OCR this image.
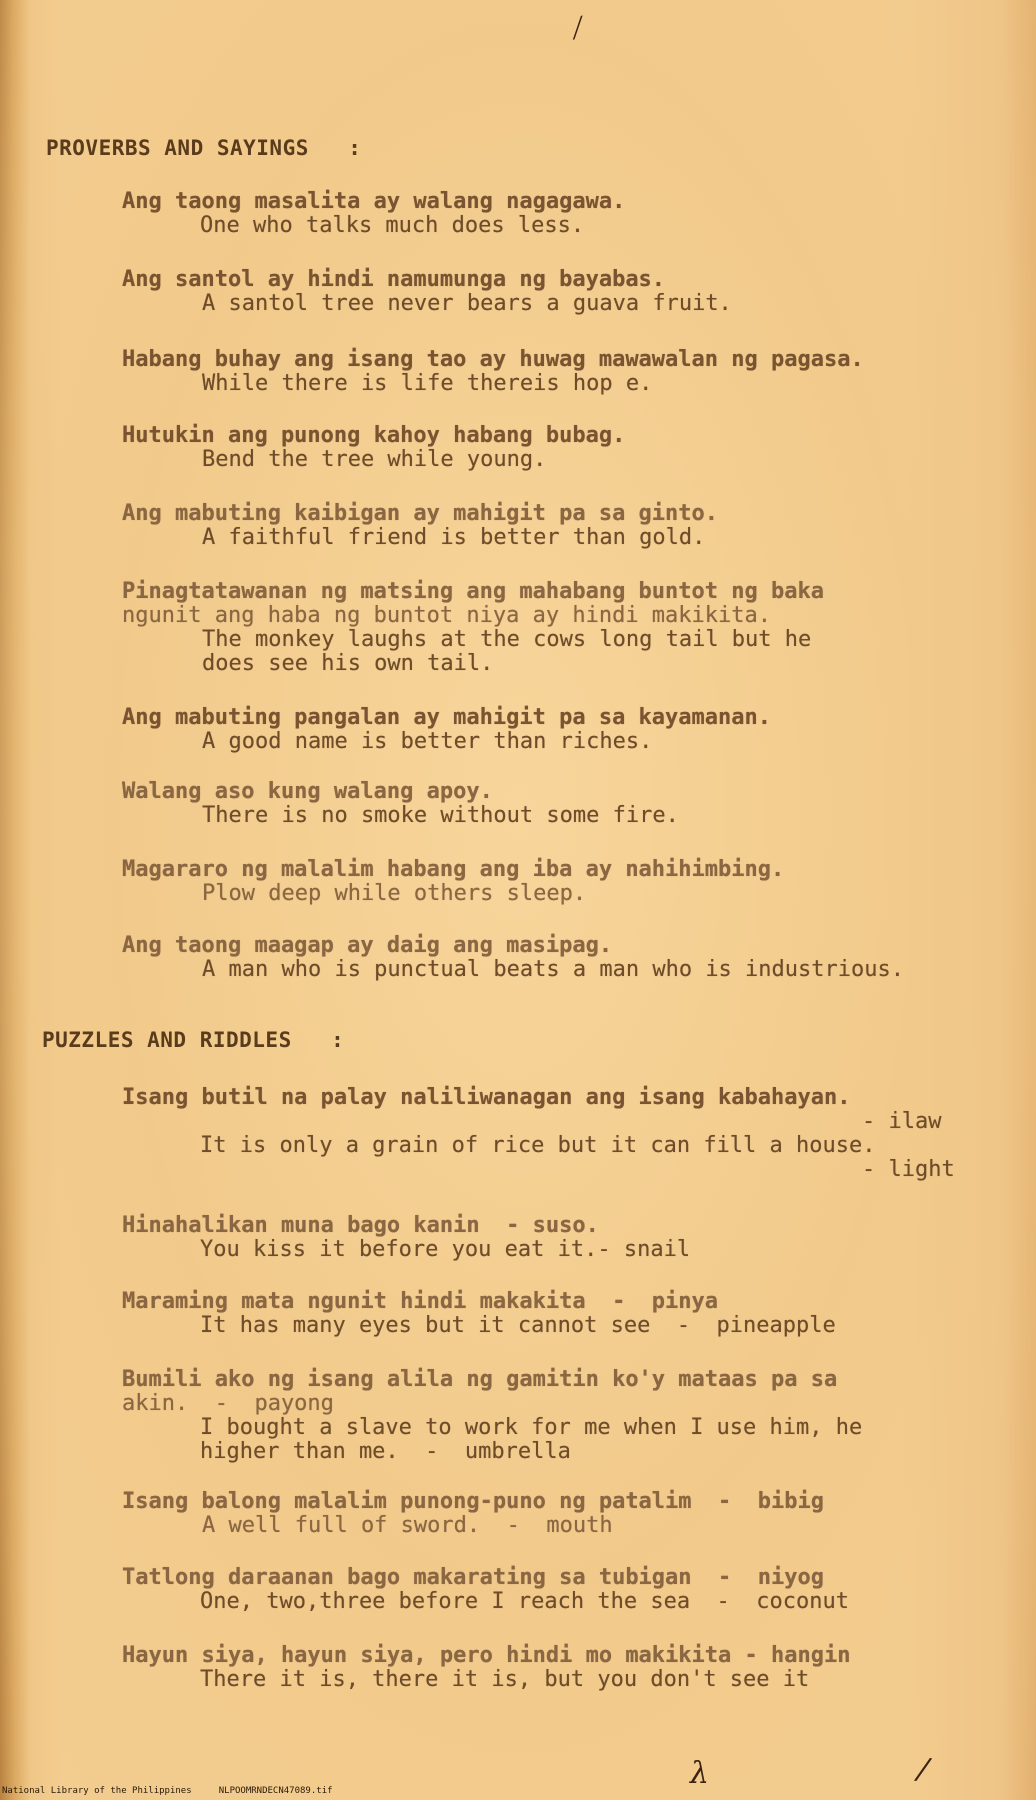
⁄
PROVERBS AND SAYINGS   :
Ang taong masalita ay walang nagagawa.
One who talks much does less.
Ang santol ay hindi namumunga ng bayabas.
A santol tree never bears a guava fruit.
Habang buhay ang isang tao ay huwag mawawalan ng pagasa.
While there is life thereis hop e.
Hutukin ang punong kahoy habang bubag.
Bend the tree while young.
Ang mabuting kaibigan ay mahigit pa sa ginto.
A faithful friend is better than gold.
Pinagtatawanan ng matsing ang mahabang buntot ng baka
ngunit ang haba ng buntot niya ay hindi makikita.
The monkey laughs at the cows long tail but he
does see his own tail.
Ang mabuting pangalan ay mahigit pa sa kayamanan.
A good name is better than riches.
Walang aso kung walang apoy.
There is no smoke without some fire.
Magararo ng malalim habang ang iba ay nahihimbing.
Plow deep while others sleep.
Ang taong maagap ay daig ang masipag.
A man who is punctual beats a man who is industrious.
PUZZLES AND RIDDLES   :
Isang butil na palay naliliwanagan ang isang kabahayan.
- ilaw
It is only a grain of rice but it can fill a house.
- light
Hinahalikan muna bago kanin  - suso.
You kiss it before you eat it.- snail
Maraming mata ngunit hindi makakita  -  pinya
It has many eyes but it cannot see  -  pineapple
Bumili ako ng isang alila ng gamitin ko'y mataas pa sa
akin.  -  payong
I bought a slave to work for me when I use him, he
higher than me.  -  umbrella
Isang balong malalim punong-puno ng patalim  -  bibig
A well full of sword.  -  mouth
Tatlong daraanan bago makarating sa tubigan  -  niyog
One, two,three before I reach the sea  -  coconut
Hayun siya, hayun siya, pero hindi mo makikita - hangin
There it is, there it is, but you don't see it
λ	/
National Library of the Philippines     NLPOOMRNDECN47089.tif
